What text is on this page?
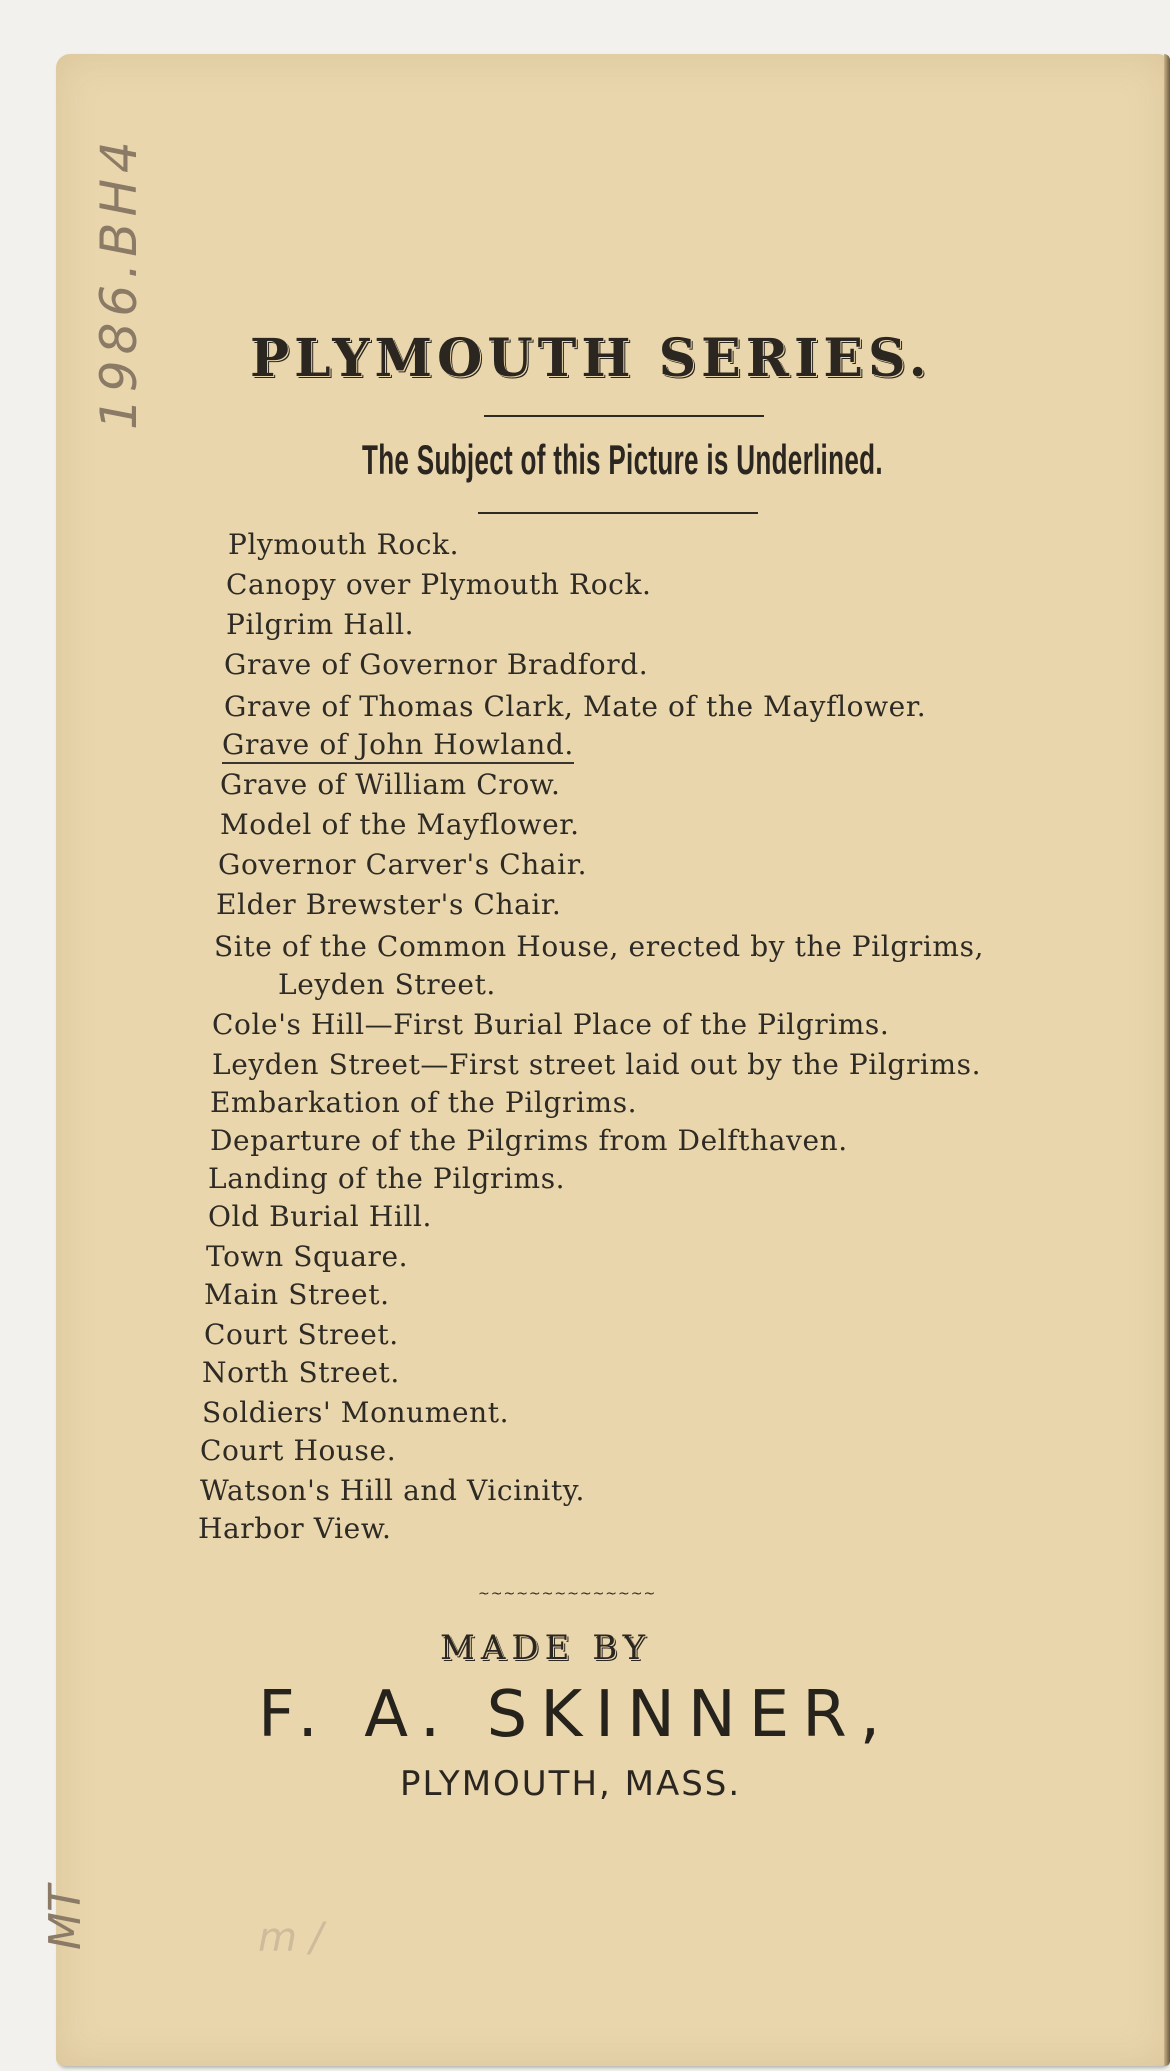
1986.BH4
MT	m /
PLYMOUTH SERIES.
The Subject of this Picture is Underlined.
Plymouth Rock.
Canopy over Plymouth Rock.
Pilgrim Hall.
Grave of Governor Bradford.
Grave of Thomas Clark, Mate of the Mayflower.
Grave of John Howland.
Grave of William Crow.
Model of the Mayflower.
Governor Carver's Chair.
Elder Brewster's Chair.
Site of the Common House, erected by the Pilgrims,
Leyden Street.
Cole's Hill—First Burial Place of the Pilgrims.
Leyden Street—First street laid out by the Pilgrims.
Embarkation of the Pilgrims.
Departure of the Pilgrims from Delfthaven.
Landing of the Pilgrims.
Old Burial Hill.
Town Square.
Main Street.
Court Street.
North Street.
Soldiers' Monument.
Court House.
Watson's Hill and Vicinity.
Harbor View.
~~~~~~~~~~~~~~
MADE BY
F. A. SKINNER,
PLYMOUTH, MASS.
